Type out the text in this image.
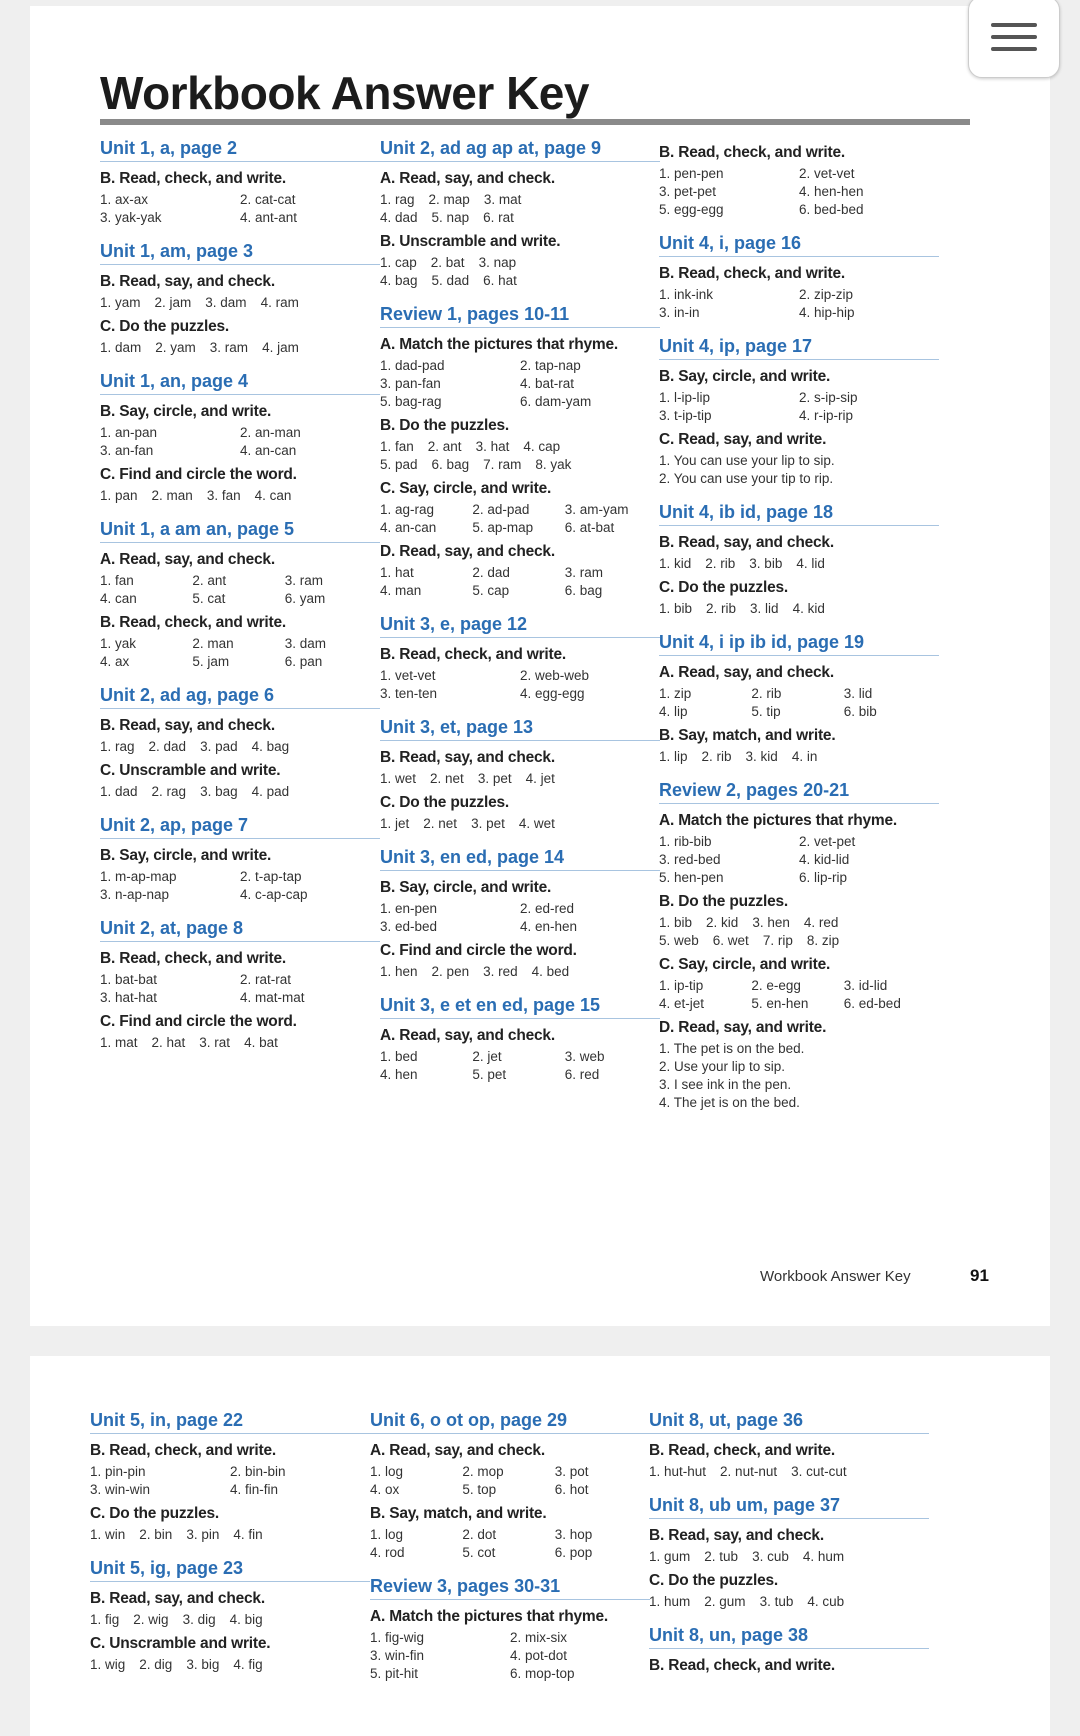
Workbook Answer Key
Unit 1, a, page 2
B. Read, check, and write.
1. ax-ax	2. cat-cat
3. yak-yak	4. ant-ant
Unit 1, am, page 3
B. Read, say, and check.
1. yam 2. jam 3. dam 4. ram
C. Do the puzzles.
1. dam 2. yam 3. ram 4. jam
Unit 1, an, page 4
B. Say, circle, and write.
1. an-pan	2. an-man
3. an-fan	4. an-can
C. Find and circle the word.
1. pan 2. man 3. fan 4. can
Unit 1, a am an, page 5
A. Read, say, and check.
1. fan	2. ant	3. ram
4. can	5. cat	6. yam
B. Read, check, and write.
1. yak	2. man	3. dam
4. ax	5. jam	6. pan
Unit 2, ad ag, page 6
B. Read, say, and check.
1. rag 2. dad 3. pad 4. bag
C. Unscramble and write.
1. dad 2. rag 3. bag 4. pad
Unit 2, ap, page 7
B. Say, circle, and write.
1. m-ap-map	2. t-ap-tap
3. n-ap-nap	4. c-ap-cap
Unit 2, at, page 8
B. Read, check, and write.
1. bat-bat	2. rat-rat
3. hat-hat	4. mat-mat
C. Find and circle the word.
1. mat 2. hat 3. rat 4. bat
Unit 2, ad ag ap at, page 9
A. Read, say, and check.
1. rag 2. map 3. mat
4. dad 5. nap 6. rat
B. Unscramble and write.
1. cap 2. bat 3. nap
4. bag 5. dad 6. hat
Review 1, pages 10-11
A. Match the pictures that rhyme.
1. dad-pad	2. tap-nap
3. pan-fan	4. bat-rat
5. bag-rag	6. dam-yam
B. Do the puzzles.
1. fan 2. ant 3. hat 4. cap
5. pad 6. bag 7. ram 8. yak
C. Say, circle, and write.
1. ag-rag	2. ad-pad	3. am-yam
4. an-can	5. ap-map 6. at-bat
D. Read, say, and check.
1. hat	2. dad	3. ram
4. man	5. cap	6. bag
Unit 3, e, page 12
B. Read, check, and write.
1. vet-vet	2. web-web
3. ten-ten	4. egg-egg
Unit 3, et, page 13
B. Read, say, and check.
1. wet 2. net 3. pet 4. jet
C. Do the puzzles.
1. jet 2. net 3. pet 4. wet
Unit 3, en ed, page 14
B. Say, circle, and write.
1. en-pen	2. ed-red
3. ed-bed	4. en-hen
C. Find and circle the word.
1. hen 2. pen 3. red 4. bed
Unit 3, e et en ed, page 15
A. Read, say, and check.
1. bed	2. jet	3. web
4. hen	5. pet	6. red
B. Read, check, and write.
1. pen-pen	2. vet-vet
3. pet-pet	4. hen-hen
5. egg-egg	6. bed-bed
Unit 4, i, page 16
B. Read, check, and write.
1. ink-ink	2. zip-zip
3. in-in	4. hip-hip
Unit 4, ip, page 17
B. Say, circle, and write.
1. l-ip-lip	2. s-ip-sip
3. t-ip-tip	4. r-ip-rip
C. Read, say, and write.
1. You can use your lip to sip.
2. You can use your tip to rip.
Unit 4, ib id, page 18
B. Read, say, and check.
1. kid 2. rib 3. bib 4. lid
C. Do the puzzles.
1. bib 2. rib 3. lid 4. kid
Unit 4, i ip ib id, page 19
A. Read, say, and check.
1. zip	2. rib	3. lid
4. lip	5. tip	6. bib
B. Say, match, and write.
1. lip 2. rib 3. kid 4. in
Review 2, pages 20-21
A. Match the pictures that rhyme.
1. rib-bib	2. vet-pet
3. red-bed	4. kid-lid
5. hen-pen	6. lip-rip
B. Do the puzzles.
1. bib 2. kid 3. hen 4. red
5. web 6. wet 7. rip 8. zip
C. Say, circle, and write.
1. ip-tip	2. e-egg	3. id-lid
4. et-jet	5. en-hen	6. ed-bed
D. Read, say, and write.
1. The pet is on the bed.
2. Use your lip to sip.
3. I see ink in the pen.
4. The jet is on the bed.
Workbook Answer Key	91
Unit 5, in, page 22
B. Read, check, and write.
1. pin-pin	2. bin-bin
3. win-win	4. fin-fin
C. Do the puzzles.
1. win 2. bin 3. pin 4. fin
Unit 5, ig, page 23
B. Read, say, and check.
1. fig 2. wig 3. dig 4. big
C. Unscramble and write.
1. wig 2. dig 3. big 4. fig
Unit 6, o ot op, page 29
A. Read, say, and check.
1. log	2. mop	3. pot
4. ox	5. top	6. hot
B. Say, match, and write.
1. log	2. dot	3. hop
4. rod	5. cot	6. pop
Review 3, pages 30-31
A. Match the pictures that rhyme.
1. fig-wig	2. mix-six
3. win-fin	4. pot-dot
5. pit-hit	6. mop-top
Unit 8, ut, page 36
B. Read, check, and write.
1. hut-hut 2. nut-nut 3. cut-cut
Unit 8, ub um, page 37
B. Read, say, and check.
1. gum 2. tub 3. cub 4. hum
C. Do the puzzles.
1. hum 2. gum 3. tub 4. cub
Unit 8, un, page 38
B. Read, check, and write.
